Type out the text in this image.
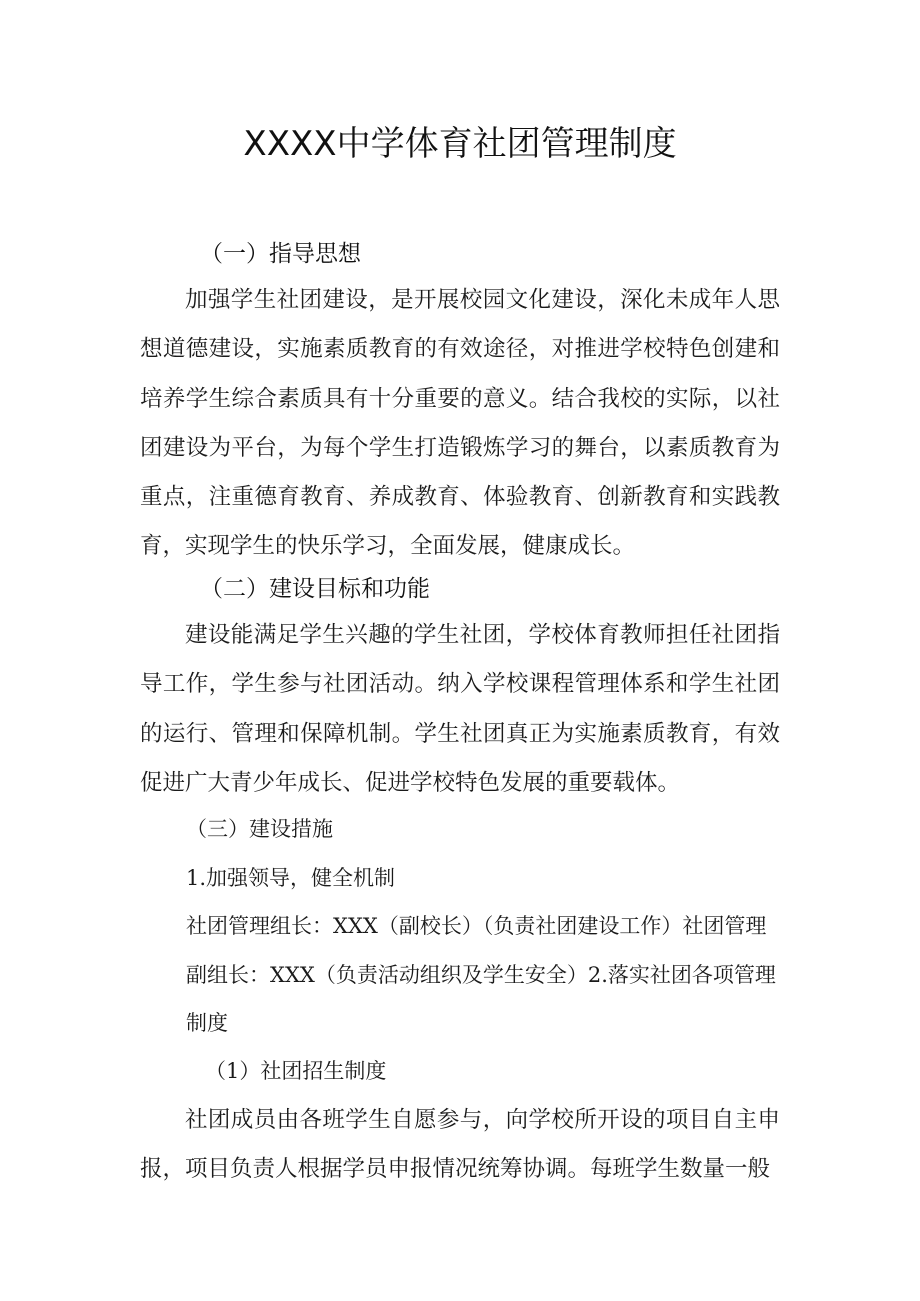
XXXX中学体育社团管理制度
（一）指导思想

加强学生社团建设，是开展校园文化建设，深化未成年人思想道德建设，实施素质教育的有效途径，对推进学校特色创建和培养学生综合素质具有十分重要的意义。结合我校的实际，以社团建设为平台，为每个学生打造锻炼学习的舞台，以素质教育为重点，注重德育教育、养成教育、体验教育、创新教育和实践教育，实现学生的快乐学习，全面发展，健康成长。

（二）建设目标和功能

建设能满足学生兴趣的学生社团，学校体育教师担任社团指导工作，学生参与社团活动。纳入学校课程管理体系和学生社团的运行、管理和保障机制。学生社团真正为实施素质教育，有效促进广大青少年成长、促进学校特色发展的重要载体。

（三）建设措施
1.加强领导，健全机制

社团管理组长：XXX（副校长）（负责社团建设工作）社团管理副组长：XXX（负责活动组织及学生安全）2.落实社团各项管理制度

（1）社团招生制度

社团成员由各班学生自愿参与，向学校所开设的项目自主申报，项目负责人根据学员申报情况统筹协调。每班学生数量一般
